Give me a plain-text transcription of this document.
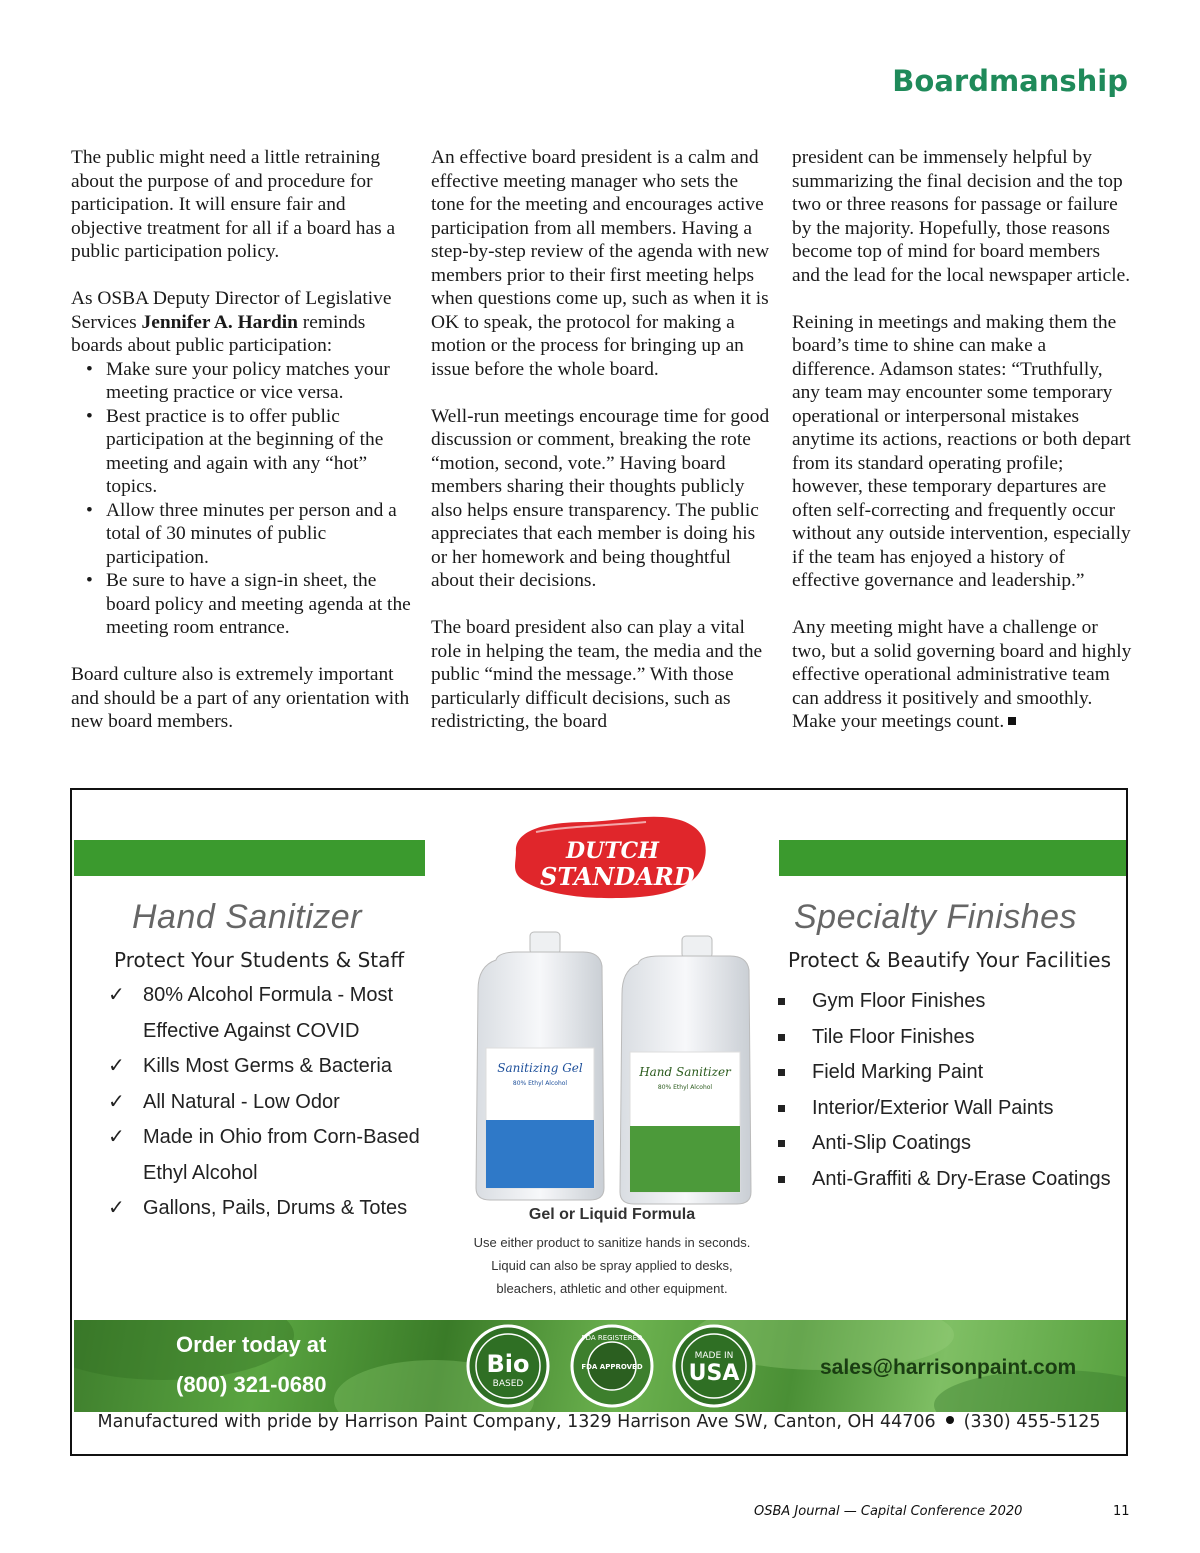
Boardmanship

The public might need a little retraining about the purpose of and procedure for participation. It will ensure fair and objective treatment for all if a board has a public participation policy.

As OSBA Deputy Director of Legislative Services Jennifer A. Hardin reminds boards about public participation:

• Make sure your policy matches your meeting practice or vice versa.
• Best practice is to offer public participation at the beginning of the meeting and again with any “hot” topics.
• Allow three minutes per person and a total of 30 minutes of public participation.
• Be sure to have a sign-in sheet, the board policy and meeting agenda at the meeting room entrance.

Board culture also is extremely important and should be a part of any orientation with new board members.

An effective board president is a calm and effective meeting manager who sets the tone for the meeting and encourages active participation from all members. Having a step-by-step review of the agenda with new members prior to their first meeting helps when questions come up, such as when it is OK to speak, the protocol for making a motion or the process for bringing up an issue before the whole board.

Well-run meetings encourage time for good discussion or comment, breaking the rote “motion, second, vote.” Having board members sharing their thoughts publicly also helps ensure transparency. The public appreciates that each member is doing his or her homework and being thoughtful about their decisions.

The board president also can play a vital role in helping the team, the media and the public “mind the message.” With those particularly difficult decisions, such as redistricting, the board

president can be immensely helpful by summarizing the final decision and the top two or three reasons for passage or failure by the majority. Hopefully, those reasons become top of mind for board members and the lead for the local newspaper article.

Reining in meetings and making them the board’s time to shine can make a difference. Adamson states: “Truthfully, any team may encounter some temporary operational or interpersonal mistakes anytime its actions, reactions or both depart from its standard operating profile; however, these temporary departures are often self-correcting and frequently occur without any outside intervention, especially if the team has enjoyed a history of effective governance and leadership.”

Any meeting might have a challenge or two, but a solid governing board and highly effective operational administrative team can address it positively and smoothly. Make your meetings count.

DUTCH
STANDARD
Hand Sanitizer
Protect Your Students & Staff
✓ 80% Alcohol Formula - Most Effective Against COVID
✓ Kills Most Germs & Bacteria
✓ All Natural - Low Odor
✓ Made in Ohio from Corn-Based Ethyl Alcohol
✓ Gallons, Pails, Drums & Totes
Specialty Finishes
Protect & Beautify Your Facilities
Gym Floor Finishes
Tile Floor Finishes
Field Marking Paint
Interior/Exterior Wall Paints
Anti-Slip Coatings
Anti-Graffiti & Dry-Erase Coatings
Sanitizing Gel
80% Ethyl Alcohol
Hand Sanitizer
80% Ethyl Alcohol
Gel or Liquid Formula
Use either product to sanitize hands in seconds.
Liquid can also be spray applied to desks,
bleachers, athletic and other equipment.
Order today at
(800) 321-0680
Bio
BASED
FDA REGISTERED
FDA APPROVED
MADE IN
USA	sales@harrisonpaint.com
Manufactured with pride by Harrison Paint Company, 1329 Harrison Ave SW, Canton, OH 44706 (330) 455-5125
OSBA Journal — Capital Conference 2020	11
